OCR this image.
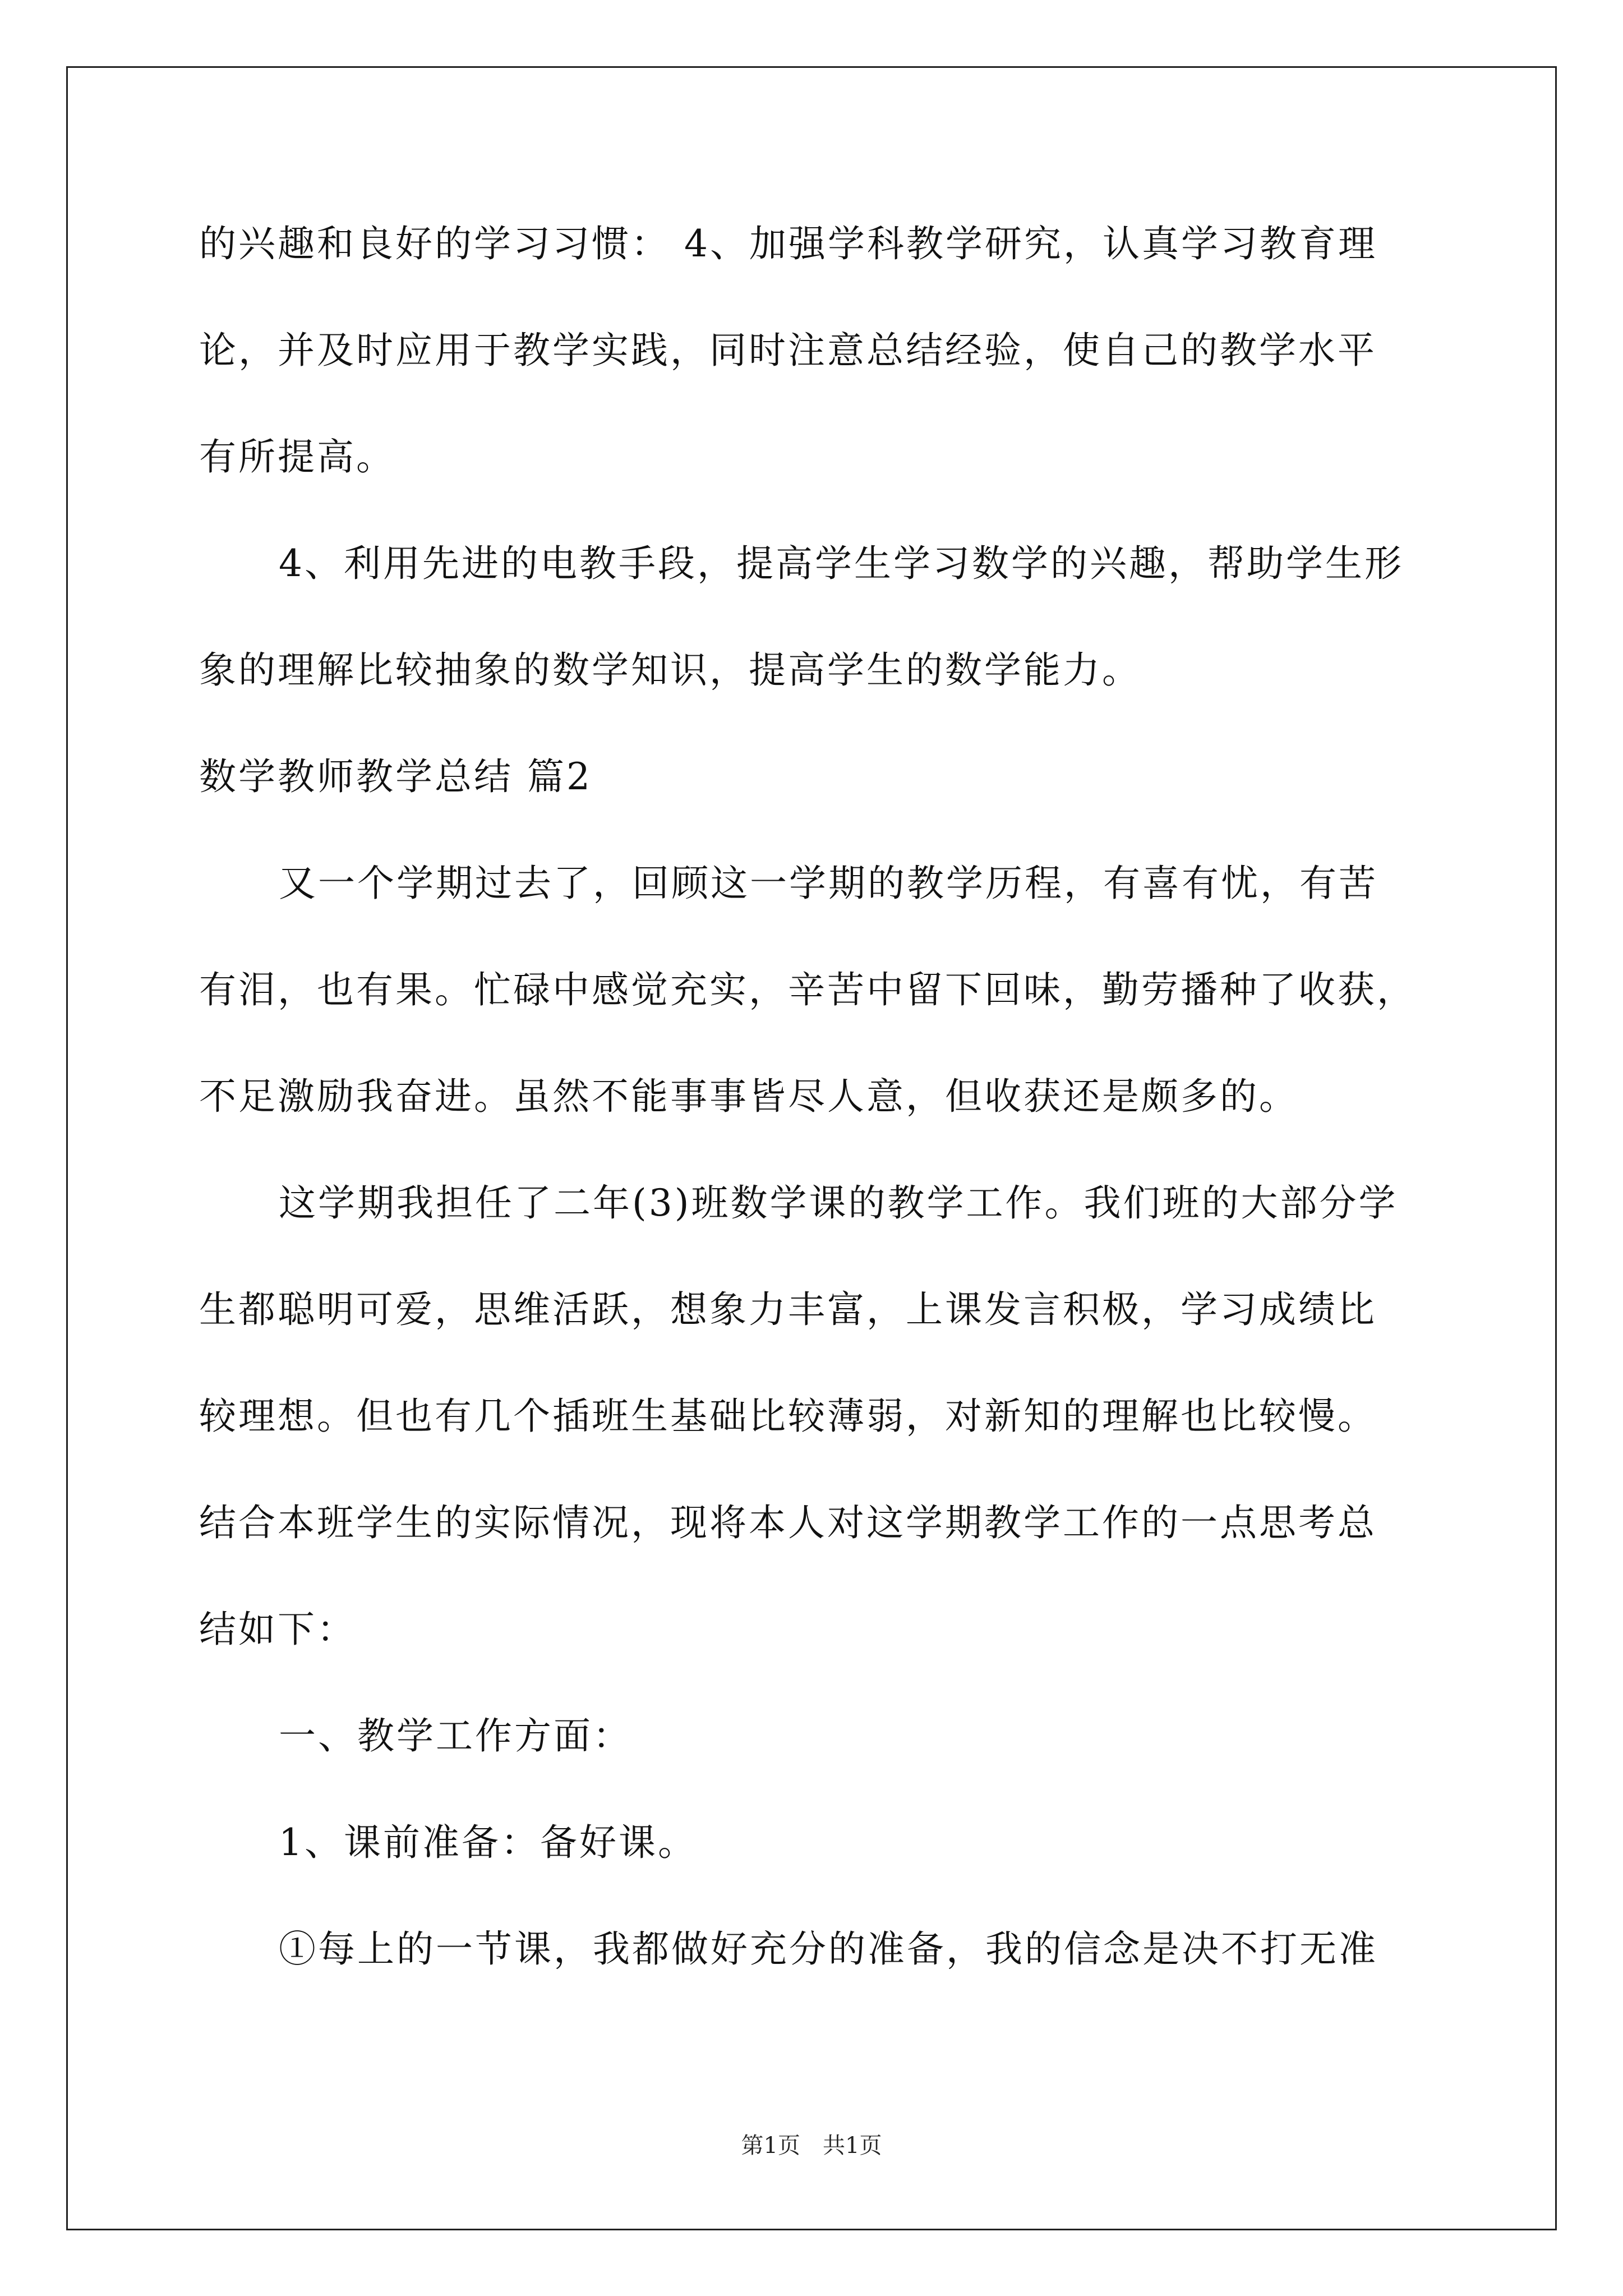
的兴趣和良好的学习习惯： 4、加强学科教学研究，认真学习教育理
论，并及时应用于教学实践，同时注意总结经验，使自己的教学水平
有所提高。
4、利用先进的电教手段，提高学生学习数学的兴趣，帮助学生形
象的理解比较抽象的数学知识，提高学生的数学能力。
数学教师教学总结 篇2
又一个学期过去了，回顾这一学期的教学历程，有喜有忧，有苦
有泪，也有果。忙碌中感觉充实，辛苦中留下回味，勤劳播种了收获，
不足激励我奋进。虽然不能事事皆尽人意，但收获还是颇多的。
这学期我担任了二年(3)班数学课的教学工作。我们班的大部分学
生都聪明可爱，思维活跃，想象力丰富，上课发言积极，学习成绩比
较理想。但也有几个插班生基础比较薄弱，对新知的理解也比较慢。
结合本班学生的实际情况，现将本人对这学期教学工作的一点思考总
结如下：
一、教学工作方面：
1、课前准备：备好课。
①每上的一节课，我都做好充分的准备，我的信念是决不打无准
第1页　共1页
